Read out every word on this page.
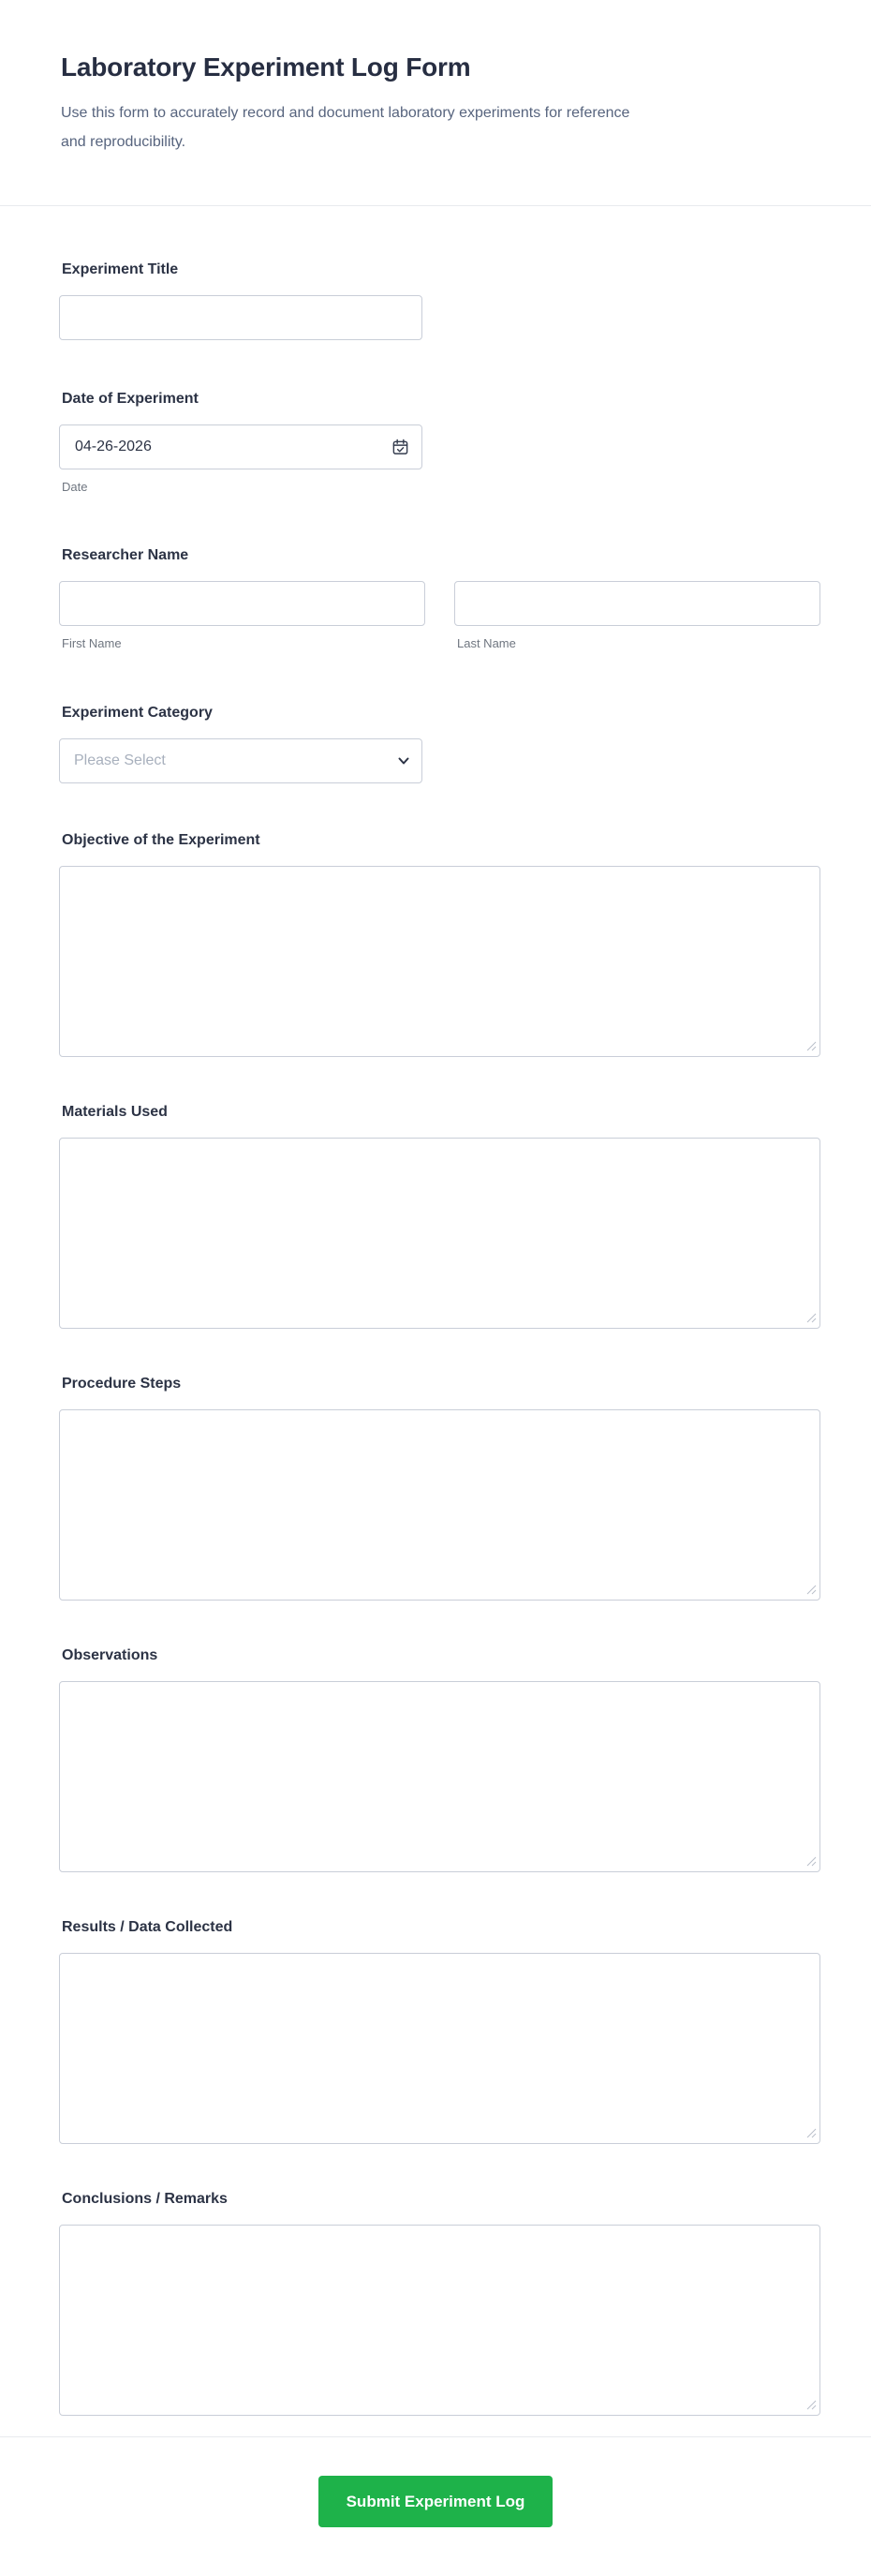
Laboratory Experiment Log Form

Use this form to accurately record and document laboratory experiments for reference and reproducibility.

Experiment Title
Date of Experiment
04-26-2026
Date
Researcher Name
First Name	Last Name
Experiment Category
Please Select
Objective of the Experiment
Materials Used
Procedure Steps
Observations
Results / Data Collected
Conclusions / Remarks
Submit Experiment Log
